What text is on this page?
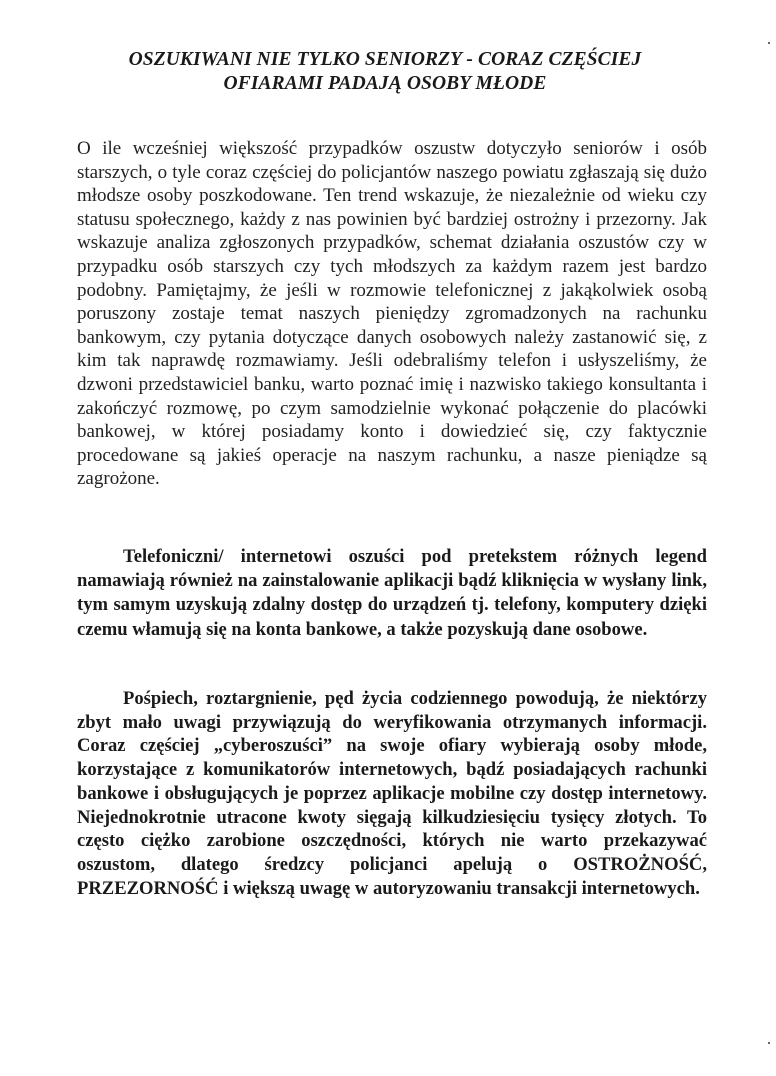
OSZUKIWANI NIE TYLKO SENIORZY - CORAZ CZĘŚCIEJ
OFIARAMI PADAJĄ OSOBY MŁODE

O ile wcześniej większość przypadków oszustw dotyczyło seniorów i osób starszych, o tyle coraz częściej do policjantów naszego powiatu zgłaszają się dużo młodsze osoby poszkodowane. Ten trend wskazuje, że niezależnie od wieku czy statusu społecznego, każdy z nas powinien być bardziej ostrożny i przezorny. Jak wskazuje analiza zgłoszonych przypadków, schemat działania oszustów czy w przypadku osób starszych czy tych młodszych za każdym razem jest bardzo podobny. Pamiętajmy, że jeśli w rozmowie telefonicznej z jakąkolwiek osobą poruszony zostaje temat naszych pieniędzy zgromadzonych na rachunku bankowym, czy pytania dotyczące danych osobowych należy zastanowić się, z kim tak naprawdę rozmawiamy. Jeśli odebraliśmy telefon i usłyszeliśmy, że dzwoni przedstawiciel banku, warto poznać imię i nazwisko takiego konsultanta i zakończyć rozmowę, po czym samodzielnie wykonać połączenie do placówki bankowej, w której posiadamy konto i dowiedzieć się, czy faktycznie procedowane są jakieś operacje na naszym rachunku, a nasze pieniądze są zagrożone.

Telefoniczni/ internetowi oszuści pod pretekstem różnych legend namawiają również na zainstalowanie aplikacji bądź kliknięcia w wysłany link, tym samym uzyskują zdalny dostęp do urządzeń tj. telefony, komputery dzięki czemu włamują się na konta bankowe, a także pozyskują dane osobowe.

Pośpiech, roztargnienie, pęd życia codziennego powodują, że niektórzy zbyt mało uwagi przywiązują do weryfikowania otrzymanych informacji. Coraz częściej „cyberoszuści” na swoje ofiary wybierają osoby młode, korzystające z komunikatorów internetowych, bądź posiadających rachunki bankowe i obsługujących je poprzez aplikacje mobilne czy dostęp internetowy. Niejednokrotnie utracone kwoty sięgają kilkudziesięciu tysięcy złotych. To często ciężko zarobione oszczędności, których nie warto przekazywać oszustom, dlatego średzcy policjanci apelują o OSTROŻNOŚĆ, PRZEZORNOŚĆ i większą uwagę w autoryzowaniu transakcji internetowych.
